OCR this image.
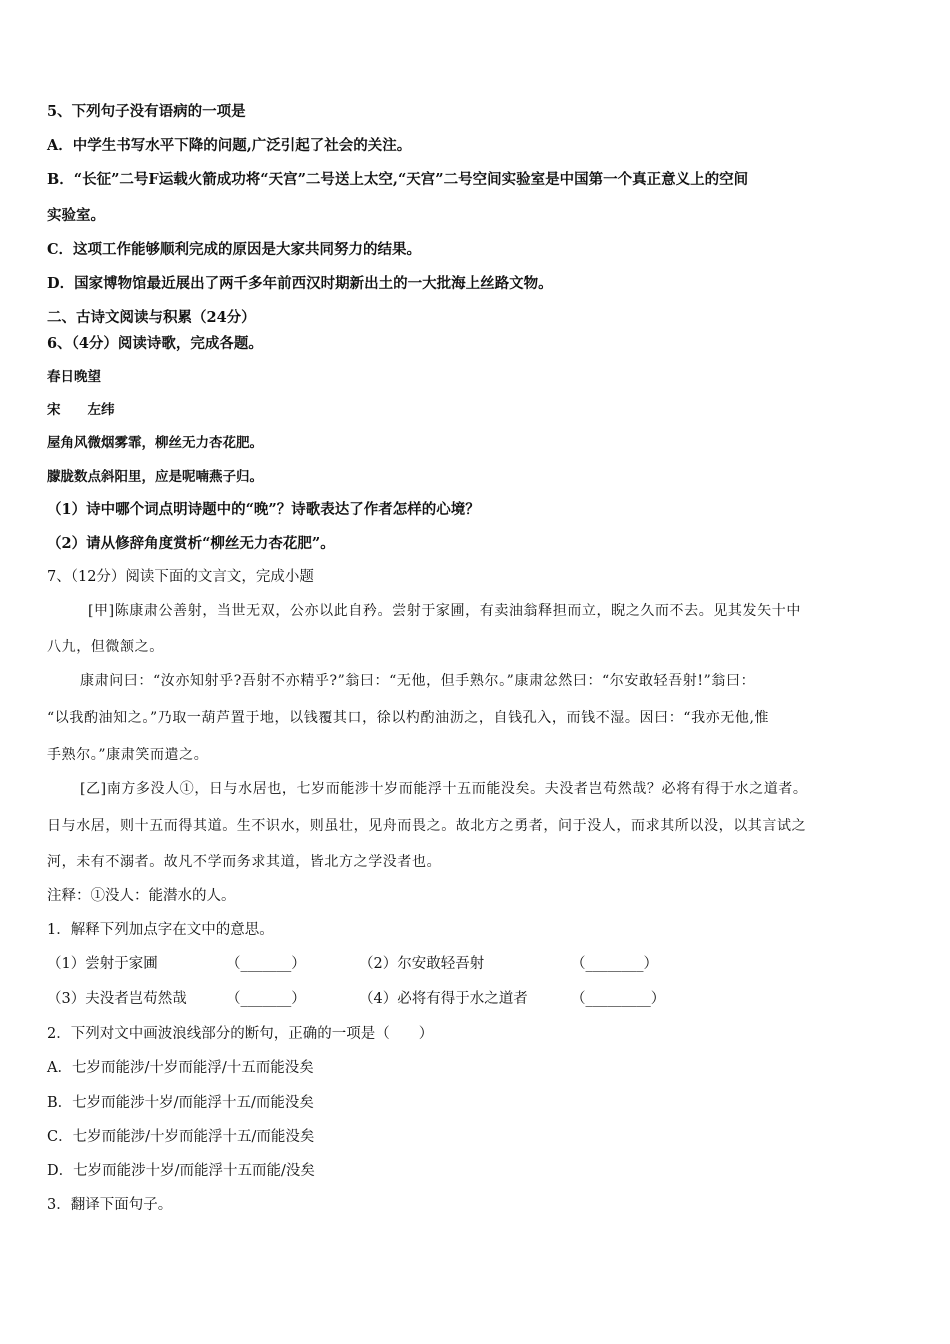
5、下列句子没有语病的一项是
A．中学生书写水平下降的问题,广泛引起了社会的关注。
B．“长征”二号F运载火箭成功将“天宫”二号送上太空,“天宫”二号空间实验室是中国第一个真正意义上的空间
实验室。
C．这项工作能够顺利完成的原因是大家共同努力的结果。
D．国家博物馆最近展出了两千多年前西汉时期新出土的一大批海上丝路文物。
二、古诗文阅读与积累（24分）
6、（4分）阅读诗歌，完成各题。
春日晚望
宋　　左纬
屋角风微烟雾霏，柳丝无力杏花肥。
朦胧数点斜阳里，应是呢喃燕子归。
（1）诗中哪个词点明诗题中的“晚”？诗歌表达了作者怎样的心境？
（2）请从修辞角度赏析“柳丝无力杏花肥”。
7、（12分）阅读下面的文言文，完成小题
[甲]陈康肃公善射，当世无双，公亦以此自矜。尝射于家圃，有卖油翁释担而立，睨之久而不去。见其发矢十中
八九，但微颔之。
康肃问曰：“汝亦知射乎?吾射不亦精乎?”翁曰：“无他，但手熟尔。”康肃忿然曰：“尔安敢轻吾射!”翁曰：
“以我酌油知之。”乃取一葫芦置于地，以钱覆其口，徐以杓酌油沥之，自钱孔入，而钱不湿。因曰：“我亦无他,惟
手熟尔。”康肃笑而遣之。
[乙]南方多没人①，日与水居也，七岁而能涉十岁而能浮十五而能没矣。夫没者岂苟然哉？必将有得于水之道者。
日与水居，则十五而得其道。生不识水，则虽壮，见舟而畏之。故北方之勇者，问于没人，而求其所以没，以其言试之
河，未有不溺者。故凡不学而务求其道，皆北方之学没者也。
注释：①没人：能潜水的人。
1．解释下列加点字在文中的意思。
（1）尝射于家圃	（_______）	（2）尔安敢轻吾射	（________）
（3）夫没者岂苟然哉	（_______）	（4）必将有得于水之道者	（_________）
2．下列对文中画波浪线部分的断句，正确的一项是（　　）
A．七岁而能涉/十岁而能浮/十五而能没矣
B．七岁而能涉十岁/而能浮十五/而能没矣
C．七岁而能涉/十岁而能浮十五/而能没矣
D．七岁而能涉十岁/而能浮十五而能/没矣
3．翻译下面句子。
